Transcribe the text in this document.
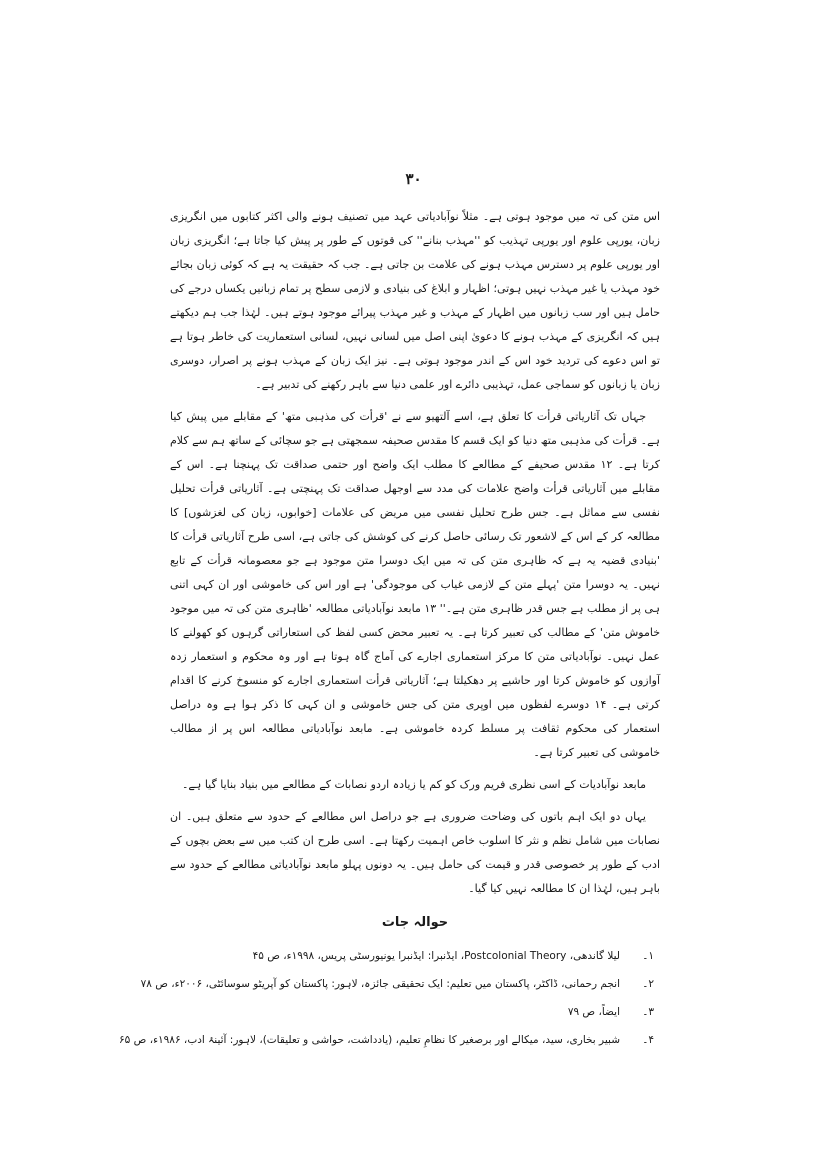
۳۰

اس متن کی تہ میں موجود ہوتی ہے۔ مثلاً نوآبادیاتی عہد میں تصنیف ہونے والی اکثر کتابوں میں انگریزی زبان، یورپی علوم اور یورپی تہذیب کو ''مہذب بنانے'' کی قوتوں کے طور پر پیش کیا جاتا ہے؛ انگریزی زبان اور یورپی علوم پر دسترس مہذب ہونے کی علامت بن جاتی ہے۔ جب کہ حقیقت یہ ہے کہ کوئی زبان بجائے خود مہذب یا غیر مہذب نہیں ہوتی؛ اظہار و ابلاغ کی بنیادی و لازمی سطح پر تمام زبانیں یکساں درجے کی حامل ہیں اور سب زبانوں میں اظہار کے مہذب و غیر مہذب پیرائے موجود ہوتے ہیں۔ لہٰذا جب ہم دیکھتے ہیں کہ انگریزی کے مہذب ہونے کا دعویٰ اپنی اصل میں لسانی نہیں، لسانی استعماریت کی خاطر ہوتا ہے تو اس دعوے کی تردید خود اس کے اندر موجود ہوتی ہے۔ نیز ایک زبان کے مہذب ہونے پر اصرار، دوسری زبان یا زبانوں کو سماجی عمل، تہذیبی دائرے اور علمی دنیا سے باہر رکھنے کی تدبیر ہے۔

جہاں تک آثاریاتی قرأت کا تعلق ہے، اسے آلتھیو سے نے 'قرأت کی مذہبی متھ' کے مقابلے میں پیش کیا ہے۔ قرأت کی مذہبی متھ دنیا کو ایک قسم کا مقدس صحیفہ سمجھتی ہے جو سچائی کے ساتھ ہم سے کلام کرتا ہے۔ ۱۲ مقدس صحیفے کے مطالعے کا مطلب ایک واضح اور حتمی صداقت تک پہنچنا ہے۔ اس کے مقابلے میں آثاریاتی قرأت واضح علامات کی مدد سے اوجھل صداقت تک پہنچتی ہے۔ آثاریاتی قرأت تحلیل نفسی سے مماثل ہے۔ جس طرح تحلیل نفسی میں مریض کی علامات [خوابوں، زبان کی لغزشوں] کا مطالعہ کر کے اس کے لاشعور تک رسائی حاصل کرنے کی کوشش کی جاتی ہے، اسی طرح آثاریاتی قرأت کا 'بنیادی قضیہ یہ ہے کہ ظاہری متن کی تہ میں ایک دوسرا متن موجود ہے جو معصومانہ قرأت کے تابع نہیں۔ یہ دوسرا متن 'پہلے متن کے لازمی غیاب کی موجودگی' ہے اور اس کی خاموشی اور ان کہی اتنی ہی پر از مطلب ہے جس قدر ظاہری متن ہے۔'' ۱۳ مابعد نوآبادیاتی مطالعہ 'ظاہری متن کی تہ میں موجود خاموش متن' کے مطالب کی تعبیر کرتا ہے۔ یہ تعبیر محض کسی لفظ کی استعاراتی گرہوں کو کھولنے کا عمل نہیں۔ نوآبادیاتی متن کا مرکز استعماری اجارے کی آماج گاہ ہوتا ہے اور وہ محکوم و استعمار زدہ آوازوں کو خاموش کرتا اور حاشیے پر دھکیلتا ہے؛ آثاریاتی قرأت استعماری اجارے کو منسوخ کرنے کا اقدام کرتی ہے۔ ۱۴ دوسرے لفظوں میں اوپری متن کی جس خاموشی و ان کہی کا ذکر ہوا ہے وہ دراصل استعمار کی محکوم ثقافت پر مسلط کردہ خاموشی ہے۔ مابعد نوآبادیاتی مطالعہ اس پر از مطالب خاموشی کی تعبیر کرتا ہے۔

مابعد نوآبادیات کے اسی نظری فریم ورک کو کم یا زیادہ اردو نصابات کے مطالعے میں بنیاد بنایا گیا ہے۔

یہاں دو ایک اہم باتوں کی وضاحت ضروری ہے جو دراصل اس مطالعے کے حدود سے متعلق ہیں۔ ان نصابات میں شامل نظم و نثر کا اسلوب خاص اہمیت رکھتا ہے۔ اسی طرح ان کتب میں سے بعض بچوں کے ادب کے طور پر خصوصی قدر و قیمت کی حامل ہیں۔ یہ دونوں پہلو مابعد نوآبادیاتی مطالعے کے حدود سے باہر ہیں، لہٰذا ان کا مطالعہ نہیں کیا گیا۔

حوالہ جات
۱۔
لیلا گاندھی، Postcolonial Theory، ایڈنبرا: ایڈنبرا یونیورسٹی پریس، ۱۹۹۸ء، ص ۴۵
۲۔
انجم رحمانی، ڈاکٹر، پاکستان میں تعلیم: ایک تحقیقی جائزہ، لاہور: پاکستان کو آپریٹو سوسائٹی، ۲۰۰۶ء، ص ۷۸
۳۔
ایضاً، ص ۷۹
۴۔
شبیر بخاری، سید، میکالے اور برصغیر کا نظامِ تعلیم، (یادداشت، حواشی و تعلیقات)، لاہور: آئینۂ ادب، ۱۹۸۶ء، ص ۶۵
